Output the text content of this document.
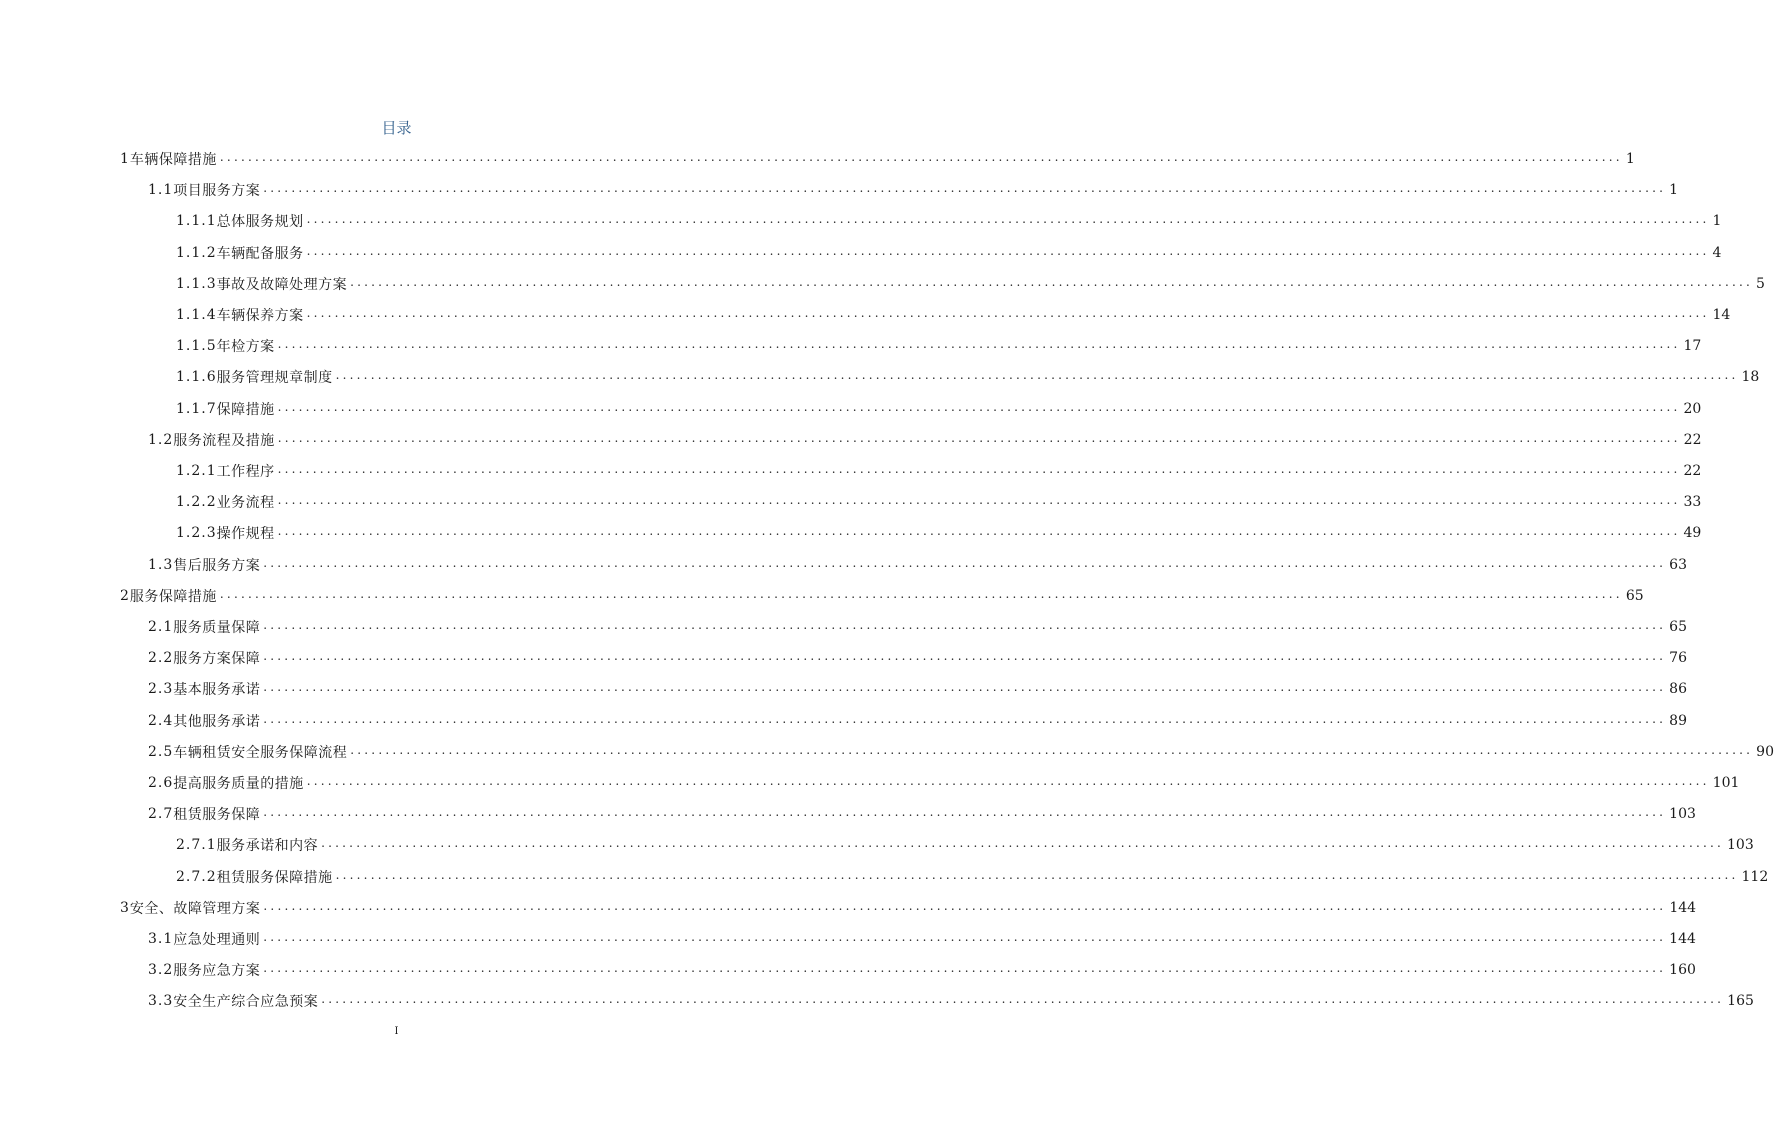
目录
1 车辆保障措施 ........................................................................................................................................................................................................ 1
1.1 项目服务方案 ........................................................................................................................................................................................................ 1
1.1.1 总体服务规划 ........................................................................................................................................................................................................ 1
1.1.2 车辆配备服务 ........................................................................................................................................................................................................ 4
1.1.3 事故及故障处理方案 ........................................................................................................................................................................................................ 5
1.1.4 车辆保养方案 ........................................................................................................................................................................................................ 14
1.1.5 年检方案 ........................................................................................................................................................................................................ 17
1.1.6 服务管理规章制度 ........................................................................................................................................................................................................ 18
1.1.7 保障措施 ........................................................................................................................................................................................................ 20
1.2 服务流程及措施 ........................................................................................................................................................................................................ 22
1.2.1 工作程序 ........................................................................................................................................................................................................ 22
1.2.2 业务流程 ........................................................................................................................................................................................................ 33
1.2.3 操作规程 ........................................................................................................................................................................................................ 49
1.3 售后服务方案 ........................................................................................................................................................................................................ 63
2 服务保障措施 ........................................................................................................................................................................................................ 65
2.1 服务质量保障 ........................................................................................................................................................................................................ 65
2.2 服务方案保障 ........................................................................................................................................................................................................ 76
2.3 基本服务承诺 ........................................................................................................................................................................................................ 86
2.4 其他服务承诺 ........................................................................................................................................................................................................ 89
2.5 车辆租赁安全服务保障流程 ........................................................................................................................................................................................................ 90
2.6 提高服务质量的措施 ........................................................................................................................................................................................................ 101
2.7 租赁服务保障 ........................................................................................................................................................................................................ 103
2.7.1 服务承诺和内容 ........................................................................................................................................................................................................ 103
2.7.2 租赁服务保障措施 ........................................................................................................................................................................................................ 112
3 安全、故障管理方案 ........................................................................................................................................................................................................ 144
3.1 应急处理通则 ........................................................................................................................................................................................................ 144
3.2 服务应急方案 ........................................................................................................................................................................................................ 160
3.3 安全生产综合应急预案 ........................................................................................................................................................................................................ 165
I
